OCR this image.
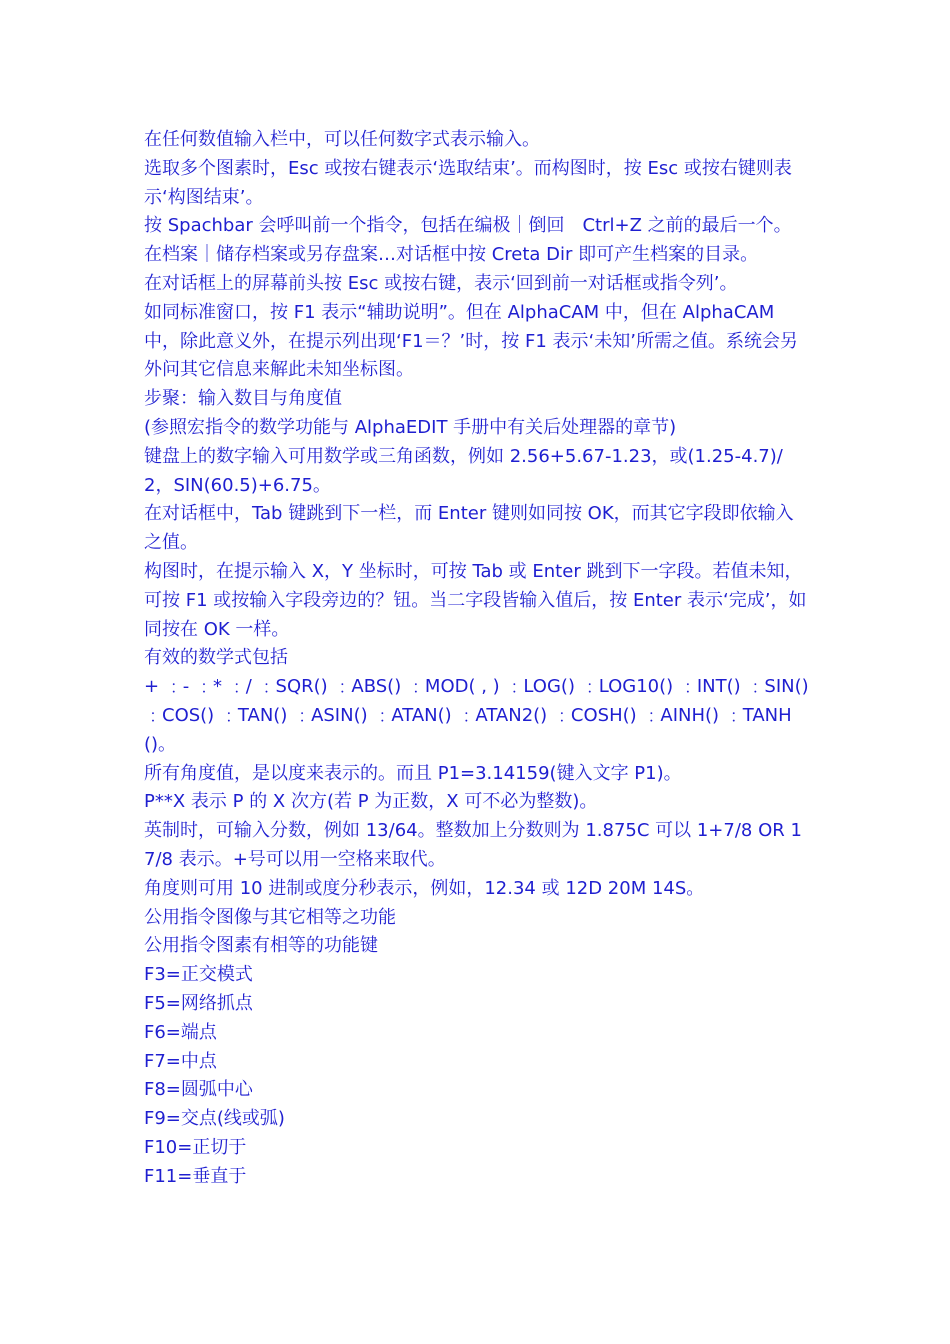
在任何数值输入栏中，可以任何数字式表示输入。

选取多个图素时，Esc 或按右键表示‘选取结束’。而构图时，按 Esc 或按右键则表示‘构图结束’。

按 Spachbar 会呼叫前一个指令，包括在编极｜倒回　Ctrl+Z 之前的最后一个。

在档案｜储存档案或另存盘案…对话框中按 Creta Dir 即可产生档案的目录。

在对话框上的屏幕前头按 Esc 或按右键，表示‘回到前一对话框或指令列’。

如同标准窗口，按 F1 表示“辅助说明”。但在 AlphaCAM 中，但在 AlphaCAM 中，除此意义外，在提示列出现‘F1＝？’时，按 F1 表示‘未知’所需之值。系统会另外问其它信息来解此未知坐标图。

步聚：输入数目与角度值

(参照宏指令的数学功能与 AlphaEDIT 手册中有关后处理器的章节)

键盘上的数字输入可用数学或三角函数，例如 2.56+5.67-1.23，或(1.25-4.7)/2，SIN(60.5)+6.75。

在对话框中，Tab 键跳到下一栏，而 Enter 键则如同按 OK，而其它字段即依输入之值。

构图时，在提示输入 X，Y 坐标时，可按 Tab 或 Enter 跳到下一字段。若值未知，可按 F1 或按输入字段旁边的？钮。当二字段皆输入值后，按 Enter 表示‘完成’，如同按在 OK 一样。

有效的数学式包括

+ ﹕- ﹕* ﹕/ ﹕SQR() ﹕ABS() ﹕MOD( , ) ﹕LOG() ﹕LOG10() ﹕INT() ﹕SIN() ﹕COS() ﹕TAN() ﹕ASIN() ﹕ATAN() ﹕ATAN2() ﹕COSH() ﹕AINH() ﹕TANH()。

所有角度值，是以度来表示的。而且 P1=3.14159(键入文字 P1)。

P**X 表示 P 的 X 次方(若 P 为正数，X 可不必为整数)。

英制时，可输入分数，例如 13/64。整数加上分数则为 1.875C 可以 1+7/8 OR 1 7/8 表示。+号可以用一空格来取代。

角度则可用 10 进制或度分秒表示，例如，12.34 或 12D 20M 14S。

公用指令图像与其它相等之功能

公用指令图素有相等的功能键

F3=正交模式

F5=网络抓点

F6=端点

F7=中点

F8=圆弧中心

F9=交点(线或弧)

F10=正切于

F11=垂直于
